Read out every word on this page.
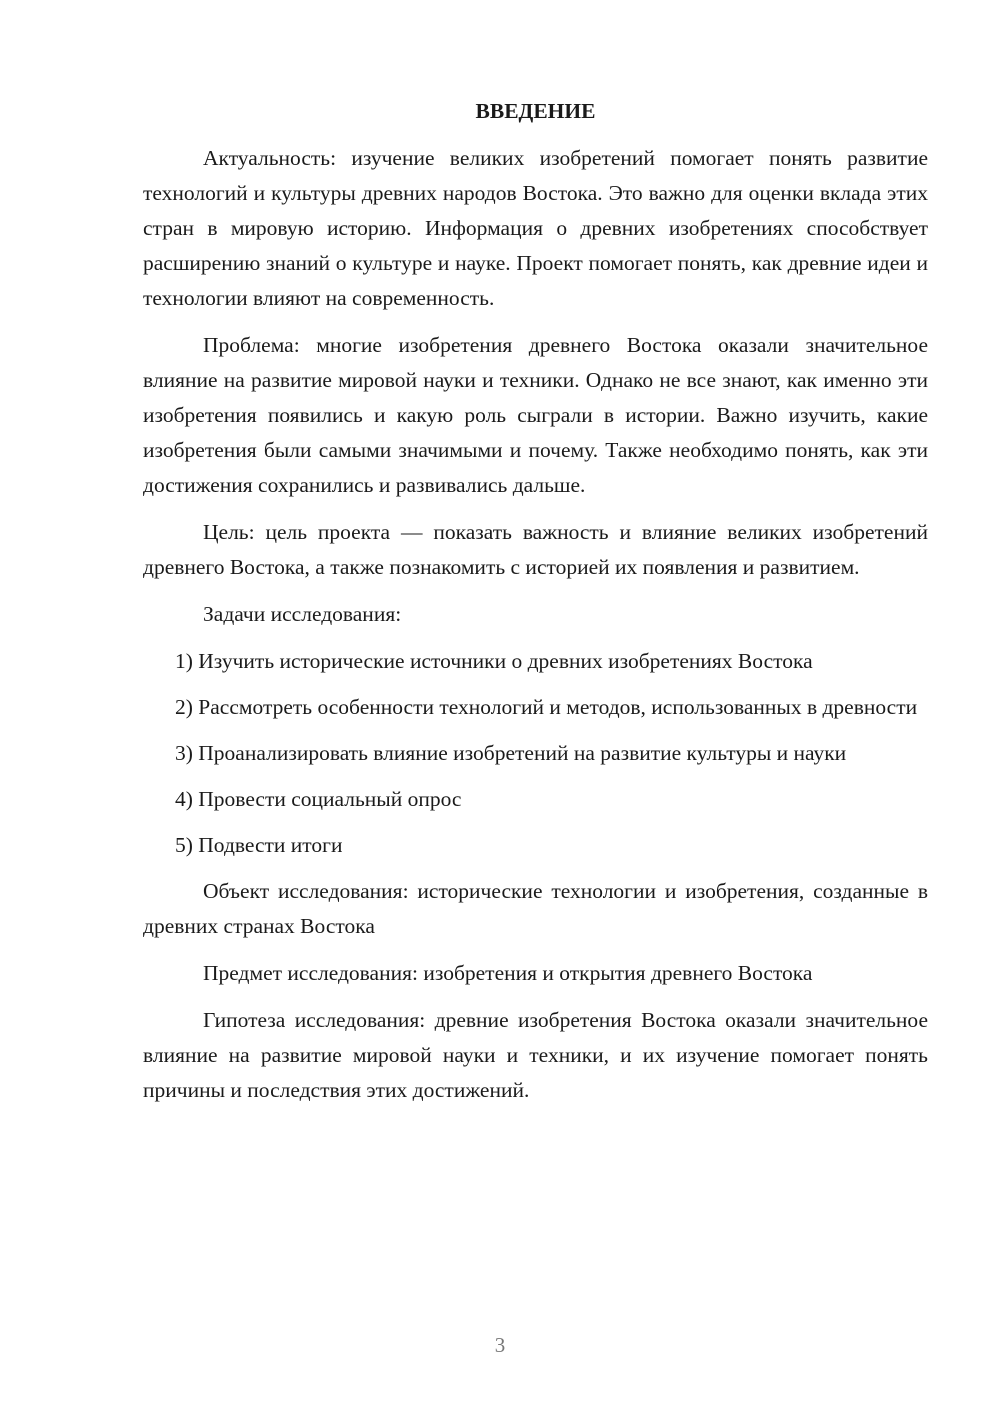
ВВЕДЕНИЕ

Актуальность: изучение великих изобретений помогает понять развитие технологий и культуры древних народов Востока. Это важно для оценки вклада этих стран в мировую историю. Информация о древних изобретениях способствует расширению знаний о культуре и науке. Проект помогает понять, как древние идеи и технологии влияют на современность.

Проблема: многие изобретения древнего Востока оказали значительное влияние на развитие мировой науки и техники. Однако не все знают, как именно эти изобретения появились и какую роль сыграли в истории. Важно изучить, какие изобретения были самыми значимыми и почему. Также необходимо понять, как эти достижения сохранились и развивались дальше.

Цель: цель проекта — показать важность и влияние великих изобретений древнего Востока, а также познакомить с историей их появления и развитием.

Задачи исследования:

1) Изучить исторические источники о древних изобретениях Востока

2) Рассмотреть особенности технологий и методов, использованных в древности

3) Проанализировать влияние изобретений на развитие культуры и науки

4) Провести социальный опрос

5) Подвести итоги

Объект исследования: исторические технологии и изобретения, созданные в древних странах Востока

Предмет исследования: изобретения и открытия древнего Востока

Гипотеза исследования: древние изобретения Востока оказали значительное влияние на развитие мировой науки и техники, и их изучение помогает понять причины и последствия этих достижений.

3
